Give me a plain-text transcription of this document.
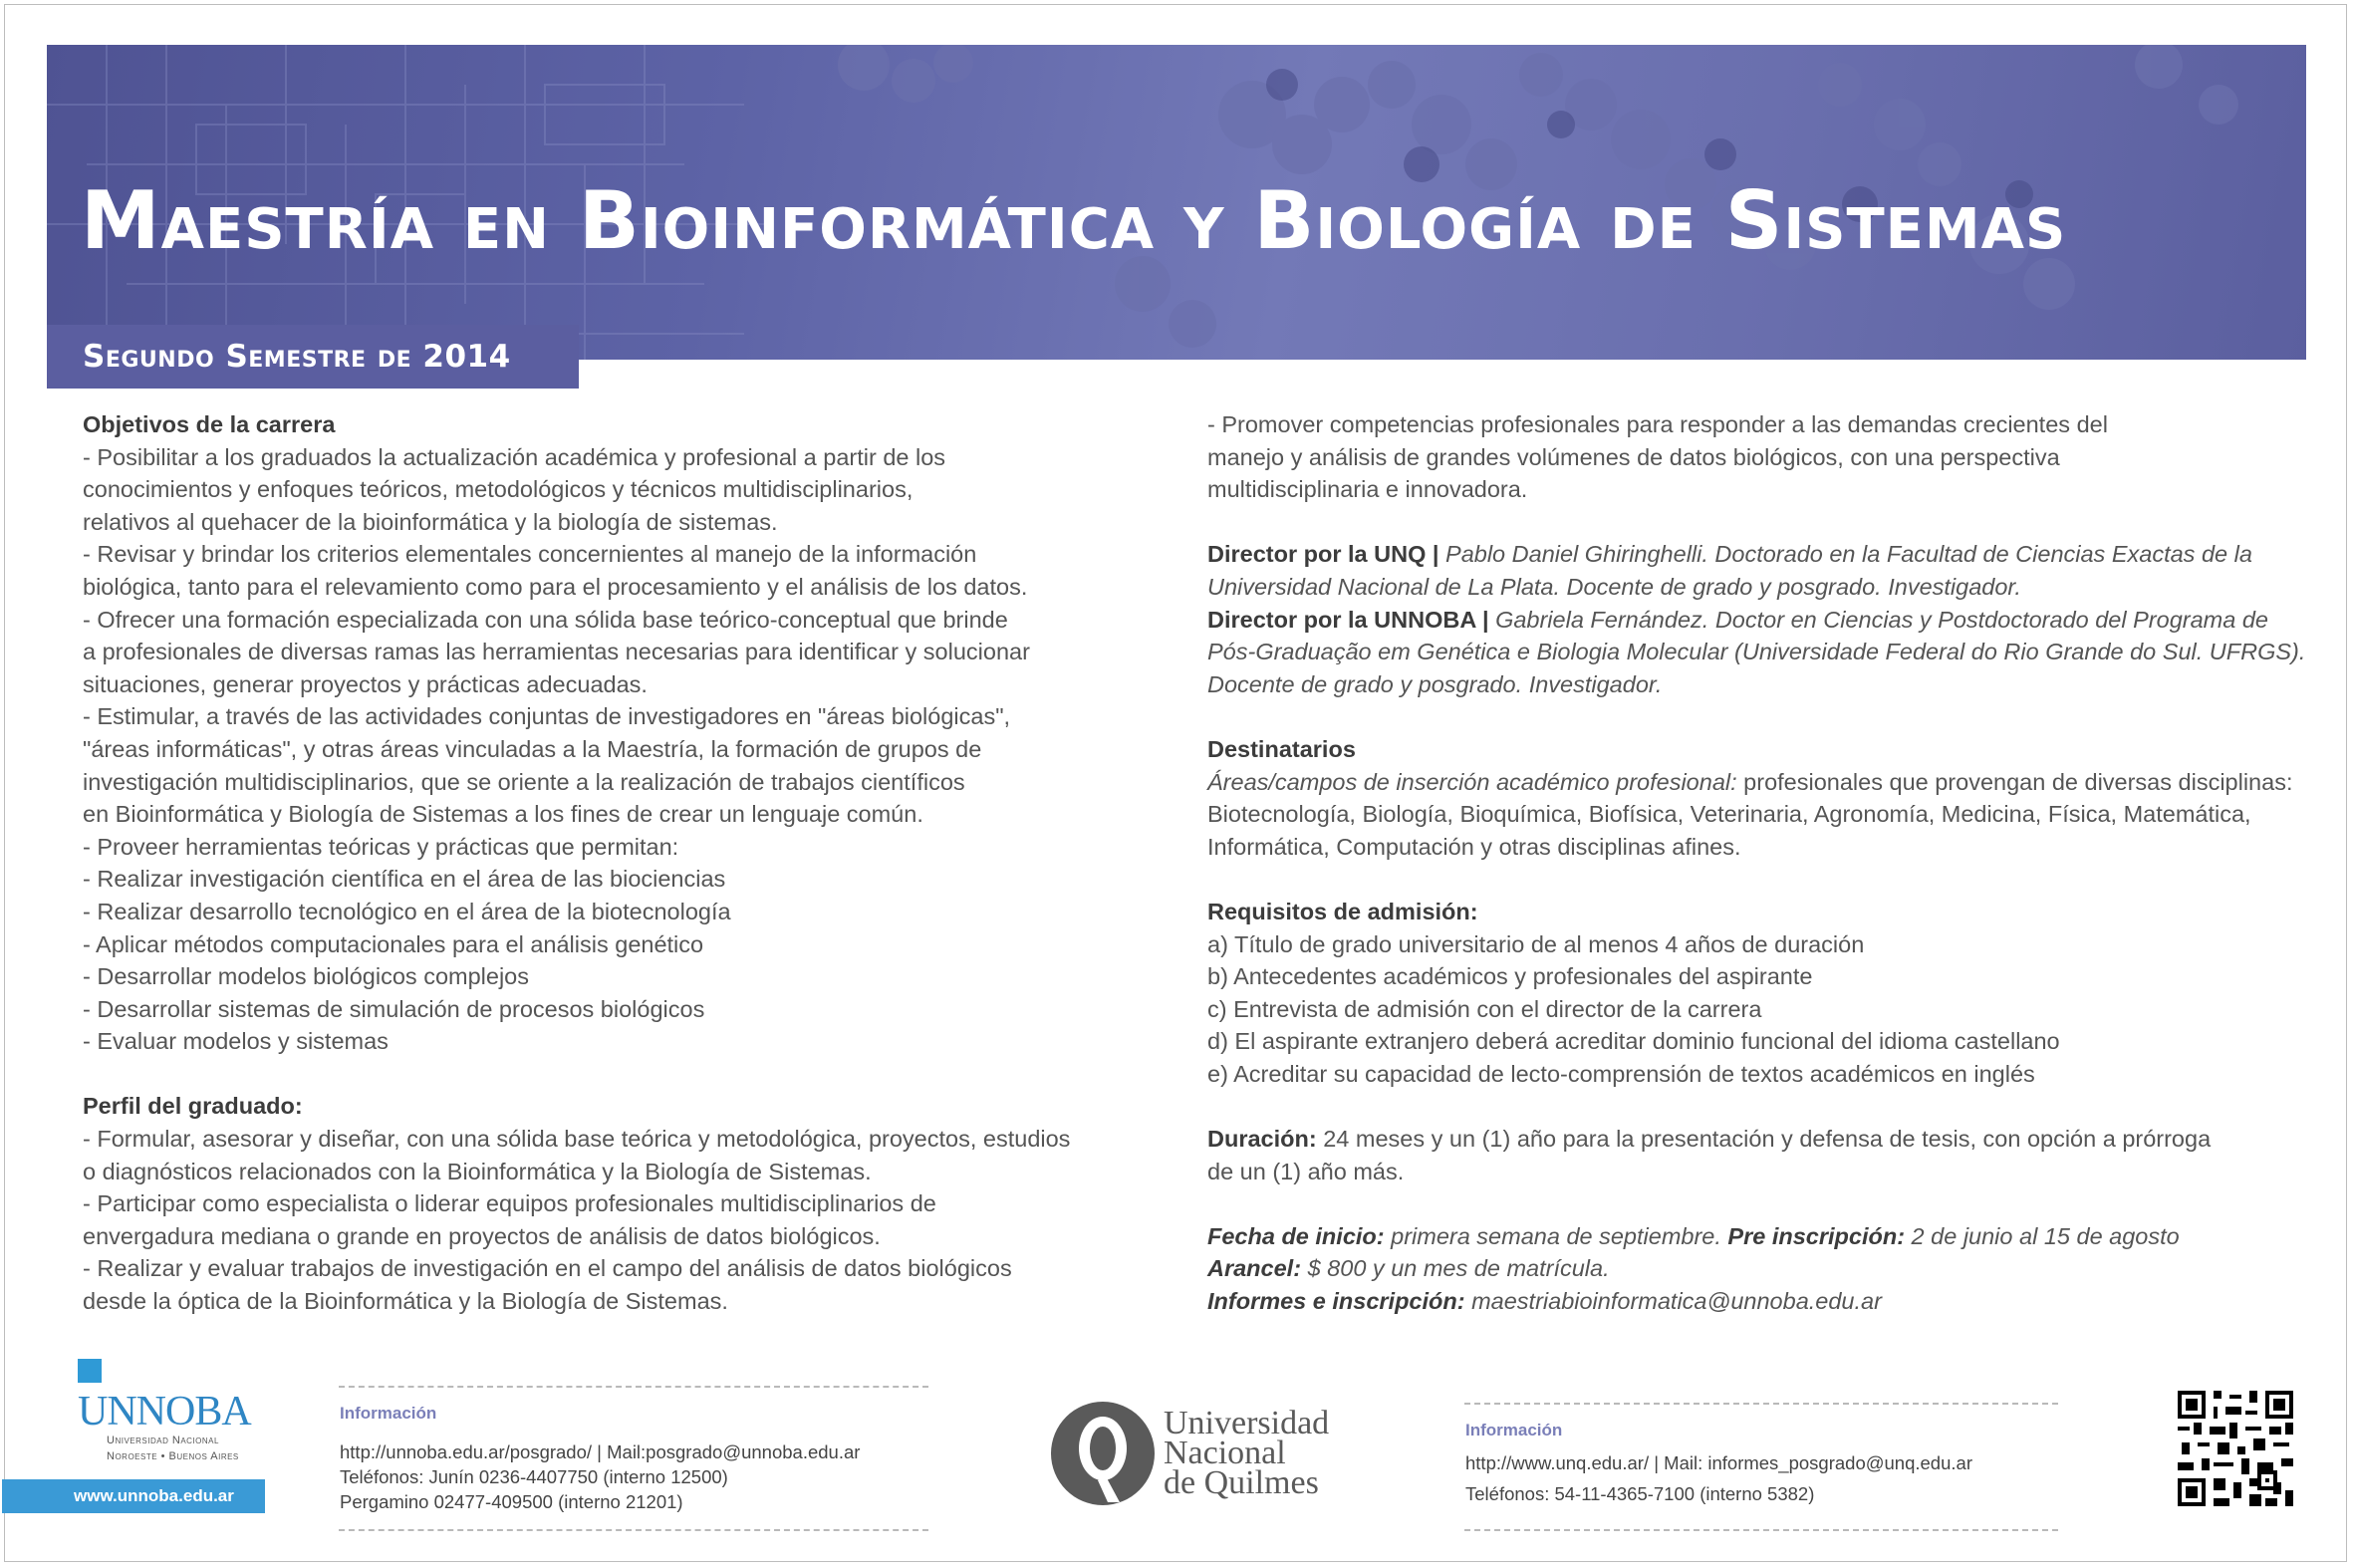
Maestría en Bioinformática y Biología de Sistemas
Segundo Semestre de 2014
Objetivos de la carrera
- Posibilitar a los graduados la actualización académica y profesional a partir de los
conocimientos y enfoques teóricos, metodológicos y técnicos multidisciplinarios,
relativos al quehacer de la bioinformática y la biología de sistemas.
- Revisar y brindar los criterios elementales concernientes al manejo de la información
biológica, tanto para el relevamiento como para el procesamiento y el análisis de los datos.
- Ofrecer una formación especializada con una sólida base teórico-conceptual que brinde
a profesionales de diversas ramas las herramientas necesarias para identificar y solucionar
situaciones, generar proyectos y prácticas adecuadas.
- Estimular, a través de las actividades conjuntas de investigadores en "áreas biológicas",
"áreas informáticas", y otras áreas vinculadas a la Maestría, la formación de grupos de
investigación multidisciplinarios, que se oriente a la realización de trabajos científicos
en Bioinformática y Biología de Sistemas a los fines de crear un lenguaje común.
- Proveer herramientas teóricas y prácticas que permitan:
- Realizar investigación científica en el área de las biociencias
- Realizar desarrollo tecnológico en el área de la biotecnología
- Aplicar métodos computacionales para el análisis genético
- Desarrollar modelos biológicos complejos
- Desarrollar sistemas de simulación de procesos biológicos
- Evaluar modelos y sistemas
Perfil del graduado:
- Formular, asesorar y diseñar, con una sólida base teórica y metodológica, proyectos, estudios
o diagnósticos relacionados con la Bioinformática y la Biología de Sistemas.
- Participar como especialista o liderar equipos profesionales multidisciplinarios de
envergadura mediana o grande en proyectos de análisis de datos biológicos.
- Realizar y evaluar trabajos de investigación en el campo del análisis de datos biológicos
desde la óptica de la Bioinformática y la Biología de Sistemas.
- Promover competencias profesionales para responder a las demandas crecientes del
manejo y análisis de grandes volúmenes de datos biológicos, con una perspectiva
multidisciplinaria e innovadora.
Director por la UNQ | Pablo Daniel Ghiringhelli. Doctorado en la Facultad de Ciencias Exactas de la
Universidad Nacional de La Plata. Docente de grado y posgrado. Investigador.
Director por la UNNOBA | Gabriela Fernández. Doctor en Ciencias y Postdoctorado del Programa de
Pós-Graduação em Genética e Biologia Molecular (Universidade Federal do Rio Grande do Sul. UFRGS).
Docente de grado y posgrado. Investigador.
Destinatarios
Áreas/campos de inserción académico profesional: profesionales que provengan de diversas disciplinas:
Biotecnología, Biología, Bioquímica, Biofísica, Veterinaria, Agronomía, Medicina, Física, Matemática,
Informática, Computación y otras disciplinas afines.
Requisitos de admisión:
a) Título de grado universitario de al menos 4 años de duración
b) Antecedentes académicos y profesionales del aspirante
c) Entrevista de admisión con el director de la carrera
d) El aspirante extranjero deberá acreditar dominio funcional del idioma castellano
e) Acreditar su capacidad de lecto-comprensión de textos académicos en inglés
Duración: 24 meses y un (1) año para la presentación y defensa de tesis, con opción a prórroga
de un (1) año más.
Fecha de inicio: primera semana de septiembre. Pre inscripción: 2 de junio al 15 de agosto
Arancel: $ 800 y un mes de matrícula.
Informes e inscripción: maestriabioinformatica@unnoba.edu.ar
UNNOBA
Universidad Nacional
Noroeste • Buenos Aires
www.unnoba.edu.ar
Información
http://unnoba.edu.ar/posgrado/ | Mail:posgrado@unnoba.edu.ar
Teléfonos: Junín 0236-4407750 (interno 12500)
Pergamino 02477-409500 (interno 21201)
Universidad
Nacional
de Quilmes
Información
http://www.unq.edu.ar/ | Mail: informes_posgrado@unq.edu.ar
Teléfonos: 54-11-4365-7100 (interno 5382)
